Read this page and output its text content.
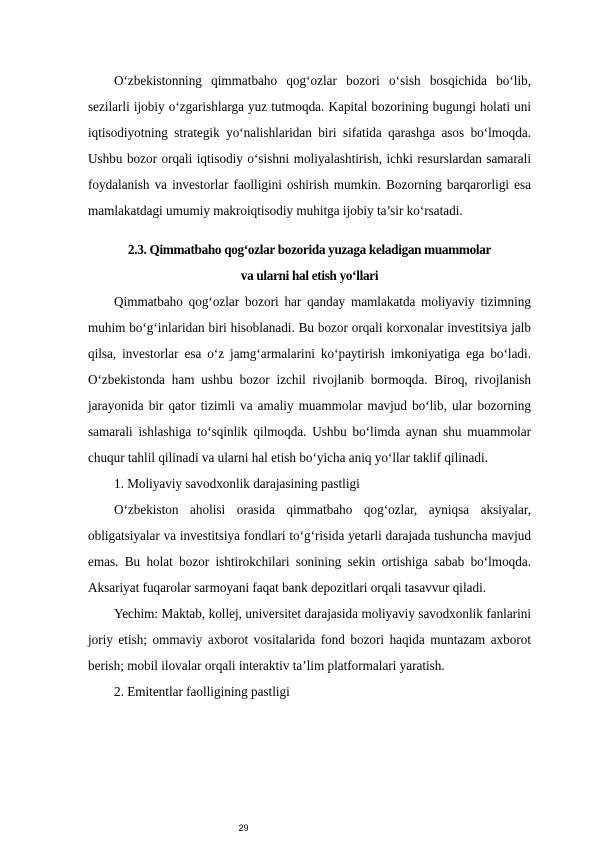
O‘zbekistonning qimmatbaho qog‘ozlar bozori o‘sish bosqichida bo‘lib, sezilarli ijobiy o‘zgarishlarga yuz tutmoqda. Kapital bozorining bugungi holati uni iqtisodiyotning strategik yo‘nalishlaridan biri sifatida qarashga asos bo‘lmoqda. Ushbu bozor orqali iqtisodiy o‘sishni moliyalashtirish, ichki resurslardan samarali foydalanish va investorlar faolligini oshirish mumkin. Bozorning barqarorligi esa mamlakatdagi umumiy makroiqtisodiy muhitga ijobiy ta’sir ko‘rsatadi.

2.3. Qimmatbaho qog‘ozlar bozorida yuzaga keladigan muammolar
va ularni hal etish yo‘llari

Qimmatbaho qog‘ozlar bozori har qanday mamlakatda moliyaviy tizimning muhim bo‘g‘inlaridan biri hisoblanadi. Bu bozor orqali korxonalar investitsiya jalb qilsa, investorlar esa o‘z jamg‘armalarini ko‘paytirish imkoniyatiga ega bo‘ladi. O‘zbekistonda ham ushbu bozor izchil rivojlanib bormoqda. Biroq, rivojlanish jarayonida bir qator tizimli va amaliy muammolar mavjud bo‘lib, ular bozorning samarali ishlashiga to‘sqinlik qilmoqda. Ushbu bo‘limda aynan shu muammolar chuqur tahlil qilinadi va ularni hal etish bo‘yicha aniq yo‘llar taklif qilinadi.

1. Moliyaviy savodxonlik darajasining pastligi

O‘zbekiston aholisi orasida qimmatbaho qog‘ozlar, ayniqsa aksiyalar, obligatsiyalar va investitsiya fondlari to‘g‘risida yetarli darajada tushuncha mavjud emas. Bu holat bozor ishtirokchilari sonining sekin ortishiga sabab bo‘lmoqda. Aksariyat fuqarolar sarmoyani faqat bank depozitlari orqali tasavvur qiladi.

Yechim: Maktab, kollej, universitet darajasida moliyaviy savodxonlik fanlarini joriy etish; ommaviy axborot vositalarida fond bozori haqida muntazam axborot berish; mobil ilovalar orqali interaktiv ta’lim platformalari yaratish.

2. Emitentlar faolligining pastligi

29
